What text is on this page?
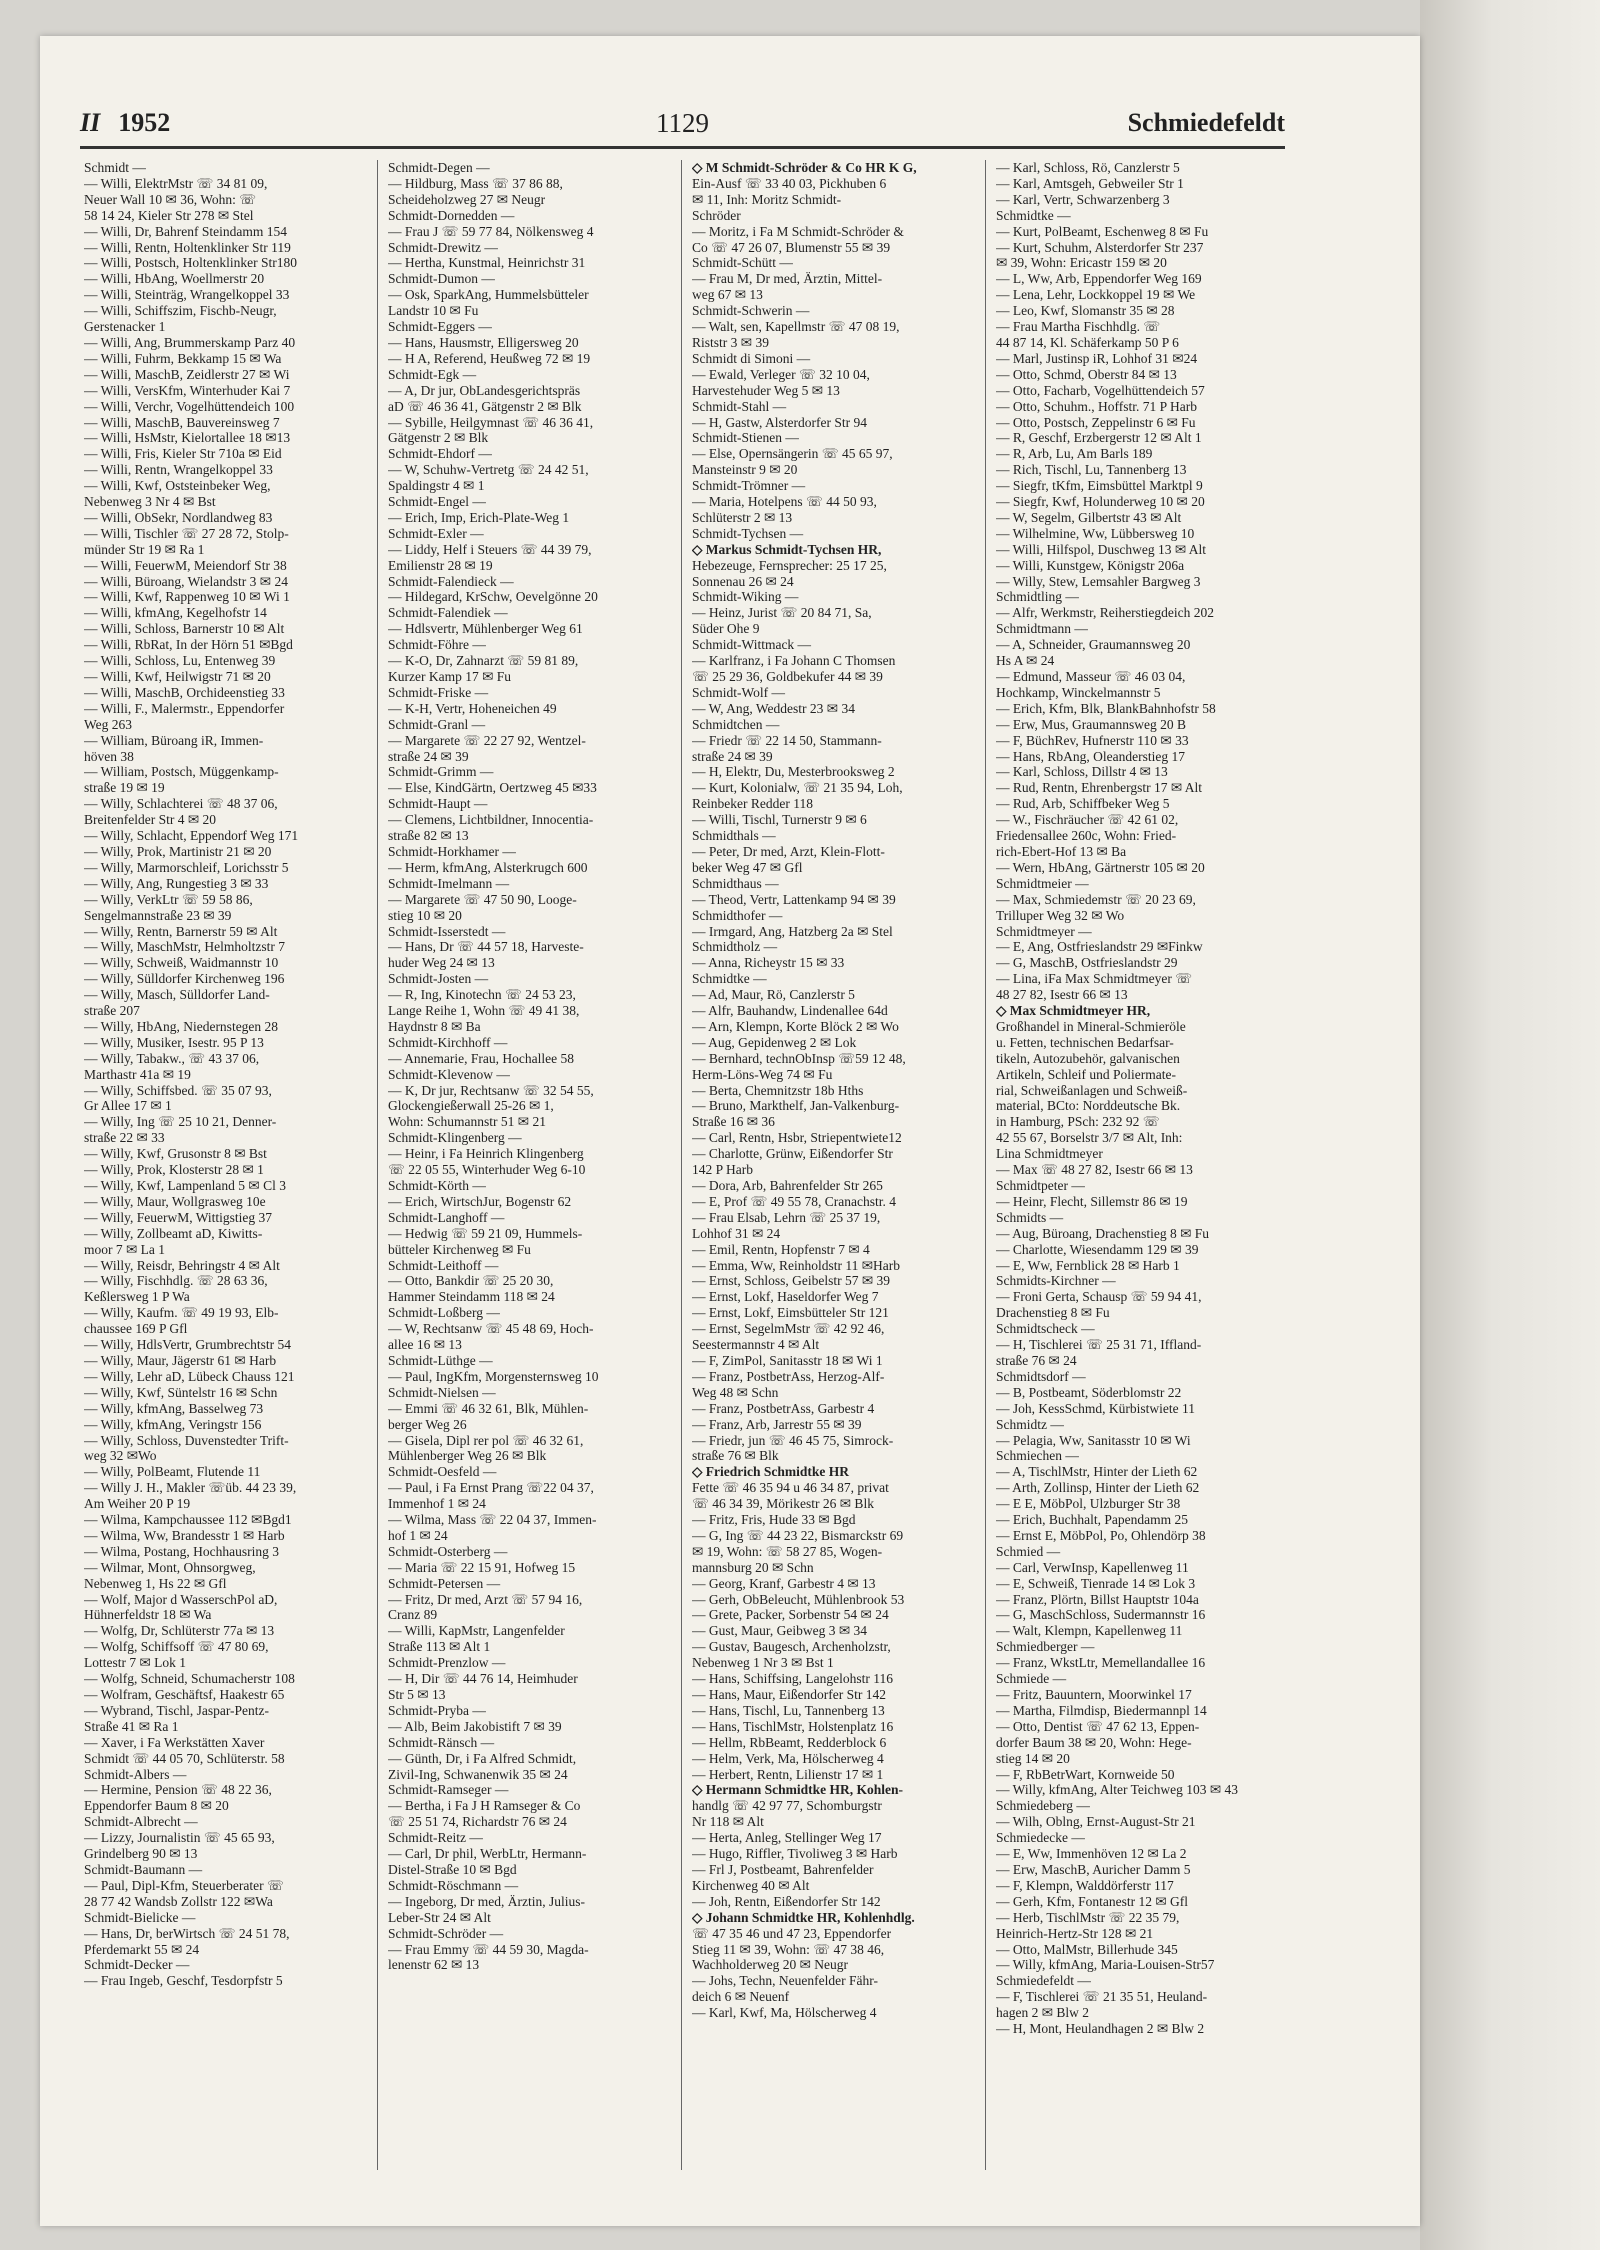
II 1952	1129	Schmiedefeldt
Schmidt —
— Willi, ElektrMstr ☏ 34 81 09,
Neuer Wall 10 ✉ 36, Wohn: ☏
58 14 24, Kieler Str 278 ✉ Stel
— Willi, Dr, Bahrenf Steindamm 154
— Willi, Rentn, Holtenklinker Str 119
— Willi, Postsch, Holtenklinker Str180
— Willi, HbAng, Woellmerstr 20
— Willi, Steinträg, Wrangelkoppel 33
— Willi, Schiffszim, Fischb-Neugr,
Gerstenacker 1
— Willi, Ang, Brummerskamp Parz 40
— Willi, Fuhrm, Bekkamp 15 ✉ Wa
— Willi, MaschB, Zeidlerstr 27 ✉ Wi
— Willi, VersKfm, Winterhuder Kai 7
— Willi, Verchr, Vogelhüttendeich 100
— Willi, MaschB, Bauvereinsweg 7
— Willi, HsMstr, Kielortallee 18 ✉13
— Willi, Fris, Kieler Str 710a ✉ Eid
— Willi, Rentn, Wrangelkoppel 33
— Willi, Kwf, Oststeinbeker Weg,
Nebenweg 3 Nr 4 ✉ Bst
— Willi, ObSekr, Nordlandweg 83
— Willi, Tischler ☏ 27 28 72, Stolp-
münder Str 19 ✉ Ra 1
— Willi, FeuerwM, Meiendorf Str 38
— Willi, Büroang, Wielandstr 3 ✉ 24
— Willi, Kwf, Rappenweg 10 ✉ Wi 1
— Willi, kfmAng, Kegelhofstr 14
— Willi, Schloss, Barnerstr 10 ✉ Alt
— Willi, RbRat, In der Hörn 51 ✉Bgd
— Willi, Schloss, Lu, Entenweg 39
— Willi, Kwf, Heilwigstr 71 ✉ 20
— Willi, MaschB, Orchideenstieg 33
— Willi, F., Malermstr., Eppendorfer
Weg 263
— William, Büroang iR, Immen-
höven 38
— William, Postsch, Müggenkamp-
straße 19 ✉ 19
— Willy, Schlachterei ☏ 48 37 06,
Breitenfelder Str 4 ✉ 20
— Willy, Schlacht, Eppendorf Weg 171
— Willy, Prok, Martinistr 21 ✉ 20
— Willy, Marmorschleif, Lorichsstr 5
— Willy, Ang, Rungestieg 3 ✉ 33
— Willy, VerkLtr ☏ 59 58 86,
Sengelmannstraße 23 ✉ 39
— Willy, Rentn, Barnerstr 59 ✉ Alt
— Willy, MaschMstr, Helmholtzstr 7
— Willy, Schweiß, Waidmannstr 10
— Willy, Sülldorfer Kirchenweg 196
— Willy, Masch, Sülldorfer Land-
straße 207
— Willy, HbAng, Niedernstegen 28
— Willy, Musiker, Isestr. 95 P 13
— Willy, Tabakw., ☏ 43 37 06,
Marthastr 41a ✉ 19
— Willy, Schiffsbed. ☏ 35 07 93,
Gr Allee 17 ✉ 1
— Willy, Ing ☏ 25 10 21, Denner-
straße 22 ✉ 33
— Willy, Kwf, Grusonstr 8 ✉ Bst
— Willy, Prok, Klosterstr 28 ✉ 1
— Willy, Kwf, Lampenland 5 ✉ Cl 3
— Willy, Maur, Wollgrasweg 10e
— Willy, FeuerwM, Wittigstieg 37
— Willy, Zollbeamt aD, Kiwitts-
moor 7 ✉ La 1
— Willy, Reisdr, Behringstr 4 ✉ Alt
— Willy, Fischhdlg. ☏ 28 63 36,
Keßlersweg 1 P Wa
— Willy, Kaufm. ☏ 49 19 93, Elb-
chaussee 169 P Gfl
— Willy, HdlsVertr, Grumbrechtstr 54
— Willy, Maur, Jägerstr 61 ✉ Harb
— Willy, Lehr aD, Lübeck Chauss 121
— Willy, Kwf, Süntelstr 16 ✉ Schn
— Willy, kfmAng, Basselweg 73
— Willy, kfmAng, Veringstr 156
— Willy, Schloss, Duvenstedter Trift-
weg 32 ✉Wo
— Willy, PolBeamt, Flutende 11
— Willy J. H., Makler ☏üb. 44 23 39,
Am Weiher 20 P 19
— Wilma, Kampchaussee 112 ✉Bgd1
— Wilma, Ww, Brandesstr 1 ✉ Harb
— Wilma, Postang, Hochhausring 3
— Wilmar, Mont, Ohnsorgweg,
Nebenweg 1, Hs 22 ✉ Gfl
— Wolf, Major d WasserschPol aD,
Hühnerfeldstr 18 ✉ Wa
— Wolfg, Dr, Schlüterstr 77a ✉ 13
— Wolfg, Schiffsoff ☏ 47 80 69,
Lottestr 7 ✉ Lok 1
— Wolfg, Schneid, Schumacherstr 108
— Wolfram, Geschäftsf, Haakestr 65
— Wybrand, Tischl, Jaspar-Pentz-
Straße 41 ✉ Ra 1
— Xaver, i Fa Werkstätten Xaver
Schmidt ☏ 44 05 70, Schlüterstr. 58
Schmidt-Albers —
— Hermine, Pension ☏ 48 22 36,
Eppendorfer Baum 8 ✉ 20
Schmidt-Albrecht —
— Lizzy, Journalistin ☏ 45 65 93,
Grindelberg 90 ✉ 13
Schmidt-Baumann —
— Paul, Dipl-Kfm, Steuerberater ☏
28 77 42 Wandsb Zollstr 122 ✉Wa
Schmidt-Bielicke —
— Hans, Dr, berWirtsch ☏ 24 51 78,
Pferdemarkt 55 ✉ 24
Schmidt-Decker —
— Frau Ingeb, Geschf, Tesdorpfstr 5
Schmidt-Degen —
— Hildburg, Mass ☏ 37 86 88,
Scheideholzweg 27 ✉ Neugr
Schmidt-Dornedden —
— Frau J ☏ 59 77 84, Nölkensweg 4
Schmidt-Drewitz —
— Hertha, Kunstmal, Heinrichstr 31
Schmidt-Dumon —
— Osk, SparkAng, Hummelsbütteler
Landstr 10 ✉ Fu
Schmidt-Eggers —
— Hans, Hausmstr, Elligersweg 20
— H A, Referend, Heußweg 72 ✉ 19
Schmidt-Egk —
— A, Dr jur, ObLandesgerichtspräs
aD ☏ 46 36 41, Gätgenstr 2 ✉ Blk
— Sybille, Heilgymnast ☏ 46 36 41,
Gätgenstr 2 ✉ Blk
Schmidt-Ehdorf —
— W, Schuhw-Vertretg ☏ 24 42 51,
Spaldingstr 4 ✉ 1
Schmidt-Engel —
— Erich, Imp, Erich-Plate-Weg 1
Schmidt-Exler —
— Liddy, Helf i Steuers ☏ 44 39 79,
Emilienstr 28 ✉ 19
Schmidt-Falendieck —
— Hildegard, KrSchw, Oevelgönne 20
Schmidt-Falendiek —
— Hdlsvertr, Mühlenberger Weg 61
Schmidt-Föhre —
— K-O, Dr, Zahnarzt ☏ 59 81 89,
Kurzer Kamp 17 ✉ Fu
Schmidt-Friske —
— K-H, Vertr, Hoheneichen 49
Schmidt-Granl —
— Margarete ☏ 22 27 92, Wentzel-
straße 24 ✉ 39
Schmidt-Grimm —
— Else, KindGärtn, Oertzweg 45 ✉33
Schmidt-Haupt —
— Clemens, Lichtbildner, Innocentia-
straße 82 ✉ 13
Schmidt-Horkhamer —
— Herm, kfmAng, Alsterkrugch 600
Schmidt-Imelmann —
— Margarete ☏ 47 50 90, Looge-
stieg 10 ✉ 20
Schmidt-Isserstedt —
— Hans, Dr ☏ 44 57 18, Harveste-
huder Weg 24 ✉ 13
Schmidt-Josten —
— R, Ing, Kinotechn ☏ 24 53 23,
Lange Reihe 1, Wohn ☏ 49 41 38,
Haydnstr 8 ✉ Ba
Schmidt-Kirchhoff —
— Annemarie, Frau, Hochallee 58
Schmidt-Klevenow —
— K, Dr jur, Rechtsanw ☏ 32 54 55,
Glockengießerwall 25-26 ✉ 1,
Wohn: Schumannstr 51 ✉ 21
Schmidt-Klingenberg —
— Heinr, i Fa Heinrich Klingenberg
☏ 22 05 55, Winterhuder Weg 6-10
Schmidt-Körth —
— Erich, WirtschJur, Bogenstr 62
Schmidt-Langhoff —
— Hedwig ☏ 59 21 09, Hummels-
bütteler Kirchenweg ✉ Fu
Schmidt-Leithoff —
— Otto, Bankdir ☏ 25 20 30,
Hammer Steindamm 118 ✉ 24
Schmidt-Loßberg —
— W, Rechtsanw ☏ 45 48 69, Hoch-
allee 16 ✉ 13
Schmidt-Lüthge —
— Paul, IngKfm, Morgensternsweg 10
Schmidt-Nielsen —
— Emmi ☏ 46 32 61, Blk, Mühlen-
berger Weg 26
— Gisela, Dipl rer pol ☏ 46 32 61,
Mühlenberger Weg 26 ✉ Blk
Schmidt-Oesfeld —
— Paul, i Fa Ernst Prang ☏22 04 37,
Immenhof 1 ✉ 24
— Wilma, Mass ☏ 22 04 37, Immen-
hof 1 ✉ 24
Schmidt-Osterberg —
— Maria ☏ 22 15 91, Hofweg 15
Schmidt-Petersen —
— Fritz, Dr med, Arzt ☏ 57 94 16,
Cranz 89
— Willi, KapMstr, Langenfelder
Straße 113 ✉ Alt 1
Schmidt-Prenzlow —
— H, Dir ☏ 44 76 14, Heimhuder
Str 5 ✉ 13
Schmidt-Pryba —
— Alb, Beim Jakobistift 7 ✉ 39
Schmidt-Ränsch —
— Günth, Dr, i Fa Alfred Schmidt,
Zivil-Ing, Schwanenwik 35 ✉ 24
Schmidt-Ramseger —
— Bertha, i Fa J H Ramseger & Co
☏ 25 51 74, Richardstr 76 ✉ 24
Schmidt-Reitz —
— Carl, Dr phil, WerbLtr, Hermann-
Distel-Straße 10 ✉ Bgd
Schmidt-Röschmann —
— Ingeborg, Dr med, Ärztin, Julius-
Leber-Str 24 ✉ Alt
Schmidt-Schröder —
— Frau Emmy ☏ 44 59 30, Magda-
lenenstr 62 ✉ 13
◇ M Schmidt-Schröder & Co HR K G,
Ein-Ausf ☏ 33 40 03, Pickhuben 6
✉ 11, Inh: Moritz Schmidt-
Schröder
— Moritz, i Fa M Schmidt-Schröder &
Co ☏ 47 26 07, Blumenstr 55 ✉ 39
Schmidt-Schütt —
— Frau M, Dr med, Ärztin, Mittel-
weg 67 ✉ 13
Schmidt-Schwerin —
— Walt, sen, Kapellmstr ☏ 47 08 19,
Riststr 3 ✉ 39
Schmidt di Simoni —
— Ewald, Verleger ☏ 32 10 04,
Harvestehuder Weg 5 ✉ 13
Schmidt-Stahl —
— H, Gastw, Alsterdorfer Str 94
Schmidt-Stienen —
— Else, Opernsängerin ☏ 45 65 97,
Mansteinstr 9 ✉ 20
Schmidt-Trömner —
— Maria, Hotelpens ☏ 44 50 93,
Schlüterstr 2 ✉ 13
Schmidt-Tychsen —
◇ Markus Schmidt-Tychsen HR,
Hebezeuge, Fernsprecher: 25 17 25,
Sonnenau 26 ✉ 24
Schmidt-Wiking —
— Heinz, Jurist ☏ 20 84 71, Sa,
Süder Ohe 9
Schmidt-Wittmack —
— Karlfranz, i Fa Johann C Thomsen
☏ 25 29 36, Goldbekufer 44 ✉ 39
Schmidt-Wolf —
— W, Ang, Weddestr 23 ✉ 34
Schmidtchen —
— Friedr ☏ 22 14 50, Stammann-
straße 24 ✉ 39
— H, Elektr, Du, Mesterbrooksweg 2
— Kurt, Kolonialw, ☏ 21 35 94, Loh,
Reinbeker Redder 118
— Willi, Tischl, Turnerstr 9 ✉ 6
Schmidthals —
— Peter, Dr med, Arzt, Klein-Flott-
beker Weg 47 ✉ Gfl
Schmidthaus —
— Theod, Vertr, Lattenkamp 94 ✉ 39
Schmidthofer —
— Irmgard, Ang, Hatzberg 2a ✉ Stel
Schmidtholz —
— Anna, Richeystr 15 ✉ 33
Schmidtke —
— Ad, Maur, Rö, Canzlerstr 5
— Alfr, Bauhandw, Lindenallee 64d
— Arn, Klempn, Korte Blöck 2 ✉ Wo
— Aug, Gepidenweg 2 ✉ Lok
— Bernhard, technObInsp ☏59 12 48,
Herm-Löns-Weg 74 ✉ Fu
— Berta, Chemnitzstr 18b Hths
— Bruno, Markthelf, Jan-Valkenburg-
Straße 16 ✉ 36
— Carl, Rentn, Hsbr, Striepentwiete12
— Charlotte, Grünw, Eißendorfer Str
142 P Harb
— Dora, Arb, Bahrenfelder Str 265
— E, Prof ☏ 49 55 78, Cranachstr. 4
— Frau Elsab, Lehrn ☏ 25 37 19,
Lohhof 31 ✉ 24
— Emil, Rentn, Hopfenstr 7 ✉ 4
— Emma, Ww, Reinholdstr 11 ✉Harb
— Ernst, Schloss, Geibelstr 57 ✉ 39
— Ernst, Lokf, Haseldorfer Weg 7
— Ernst, Lokf, Eimsbütteler Str 121
— Ernst, SegelmMstr ☏ 42 92 46,
Seestermannstr 4 ✉ Alt
— F, ZimPol, Sanitasstr 18 ✉ Wi 1
— Franz, PostbetrAss, Herzog-Alf-
Weg 48 ✉ Schn
— Franz, PostbetrAss, Garbestr 4
— Franz, Arb, Jarrestr 55 ✉ 39
— Friedr, jun ☏ 46 45 75, Simrock-
straße 76 ✉ Blk
◇ Friedrich Schmidtke HR
Fette ☏ 46 35 94 u 46 34 87, privat
☏ 46 34 39, Mörikestr 26 ✉ Blk
— Fritz, Fris, Hude 33 ✉ Bgd
— G, Ing ☏ 44 23 22, Bismarckstr 69
✉ 19, Wohn: ☏ 58 27 85, Wogen-
mannsburg 20 ✉ Schn
— Georg, Kranf, Garbestr 4 ✉ 13
— Gerh, ObBeleucht, Mühlenbrook 53
— Grete, Packer, Sorbenstr 54 ✉ 24
— Gust, Maur, Geibweg 3 ✉ 34
— Gustav, Baugesch, Archenholzstr,
Nebenweg 1 Nr 3 ✉ Bst 1
— Hans, Schiffsing, Langelohstr 116
— Hans, Maur, Eißendorfer Str 142
— Hans, Tischl, Lu, Tannenberg 13
— Hans, TischlMstr, Holstenplatz 16
— Hellm, RbBeamt, Redderblock 6
— Helm, Verk, Ma, Hölscherweg 4
— Herbert, Rentn, Lilienstr 17 ✉ 1
◇ Hermann Schmidtke HR, Kohlen-
handlg ☏ 42 97 77, Schomburgstr
Nr 118 ✉ Alt
— Herta, Anleg, Stellinger Weg 17
— Hugo, Riffler, Tivoliweg 3 ✉ Harb
— Frl J, Postbeamt, Bahrenfelder
Kirchenweg 40 ✉ Alt
— Joh, Rentn, Eißendorfer Str 142
◇ Johann Schmidtke HR, Kohlenhdlg.
☏ 47 35 46 und 47 23, Eppendorfer
Stieg 11 ✉ 39, Wohn: ☏ 47 38 46,
Wachholderweg 20 ✉ Neugr
— Johs, Techn, Neuenfelder Fähr-
deich 6 ✉ Neuenf
— Karl, Kwf, Ma, Hölscherweg 4
— Karl, Schloss, Rö, Canzlerstr 5
— Karl, Amtsgeh, Gebweiler Str 1
— Karl, Vertr, Schwarzenberg 3
Schmidtke —
— Kurt, PolBeamt, Eschenweg 8 ✉ Fu
— Kurt, Schuhm, Alsterdorfer Str 237
✉ 39, Wohn: Ericastr 159 ✉ 20
— L, Ww, Arb, Eppendorfer Weg 169
— Lena, Lehr, Lockkoppel 19 ✉ We
— Leo, Kwf, Slomanstr 35 ✉ 28
— Frau Martha Fischhdlg. ☏
44 87 14, Kl. Schäferkamp 50 P 6
— Marl, Justinsp iR, Lohhof 31 ✉24
— Otto, Schmd, Oberstr 84 ✉ 13
— Otto, Facharb, Vogelhüttendeich 57
— Otto, Schuhm., Hoffstr. 71 P Harb
— Otto, Postsch, Zeppelinstr 6 ✉ Fu
— R, Geschf, Erzbergerstr 12 ✉ Alt 1
— R, Arb, Lu, Am Barls 189
— Rich, Tischl, Lu, Tannenberg 13
— Siegfr, tKfm, Eimsbüttel Marktpl 9
— Siegfr, Kwf, Holunderweg 10 ✉ 20
— W, Segelm, Gilbertstr 43 ✉ Alt
— Wilhelmine, Ww, Lübbersweg 10
— Willi, Hilfspol, Duschweg 13 ✉ Alt
— Willi, Kunstgew, Königstr 206a
— Willy, Stew, Lemsahler Bargweg 3
Schmidtling —
— Alfr, Werkmstr, Reiherstiegdeich 202
Schmidtmann —
— A, Schneider, Graumannsweg 20
Hs A ✉ 24
— Edmund, Masseur ☏ 46 03 04,
Hochkamp, Winckelmannstr 5
— Erich, Kfm, Blk, BlankBahnhofstr 58
— Erw, Mus, Graumannsweg 20 B
— F, BüchRev, Hufnerstr 110 ✉ 33
— Hans, RbAng, Oleanderstieg 17
— Karl, Schloss, Dillstr 4 ✉ 13
— Rud, Rentn, Ehrenbergstr 17 ✉ Alt
— Rud, Arb, Schiffbeker Weg 5
— W., Fischräucher ☏ 42 61 02,
Friedensallee 260c, Wohn: Fried-
rich-Ebert-Hof 13 ✉ Ba
— Wern, HbAng, Gärtnerstr 105 ✉ 20
Schmidtmeier —
— Max, Schmiedemstr ☏ 20 23 69,
Trilluper Weg 32 ✉ Wo
Schmidtmeyer —
— E, Ang, Ostfrieslandstr 29 ✉Finkw
— G, MaschB, Ostfrieslandstr 29
— Lina, iFa Max Schmidtmeyer ☏
48 27 82, Isestr 66 ✉ 13
◇ Max Schmidtmeyer HR,
Großhandel in Mineral-Schmieröle
u. Fetten, technischen Bedarfsar-
tikeln, Autozubehör, galvanischen
Artikeln, Schleif und Poliermate-
rial, Schweißanlagen und Schweiß-
material, BCto: Norddeutsche Bk.
in Hamburg, PSch: 232 92 ☏
42 55 67, Borselstr 3/7 ✉ Alt, Inh:
Lina Schmidtmeyer
— Max ☏ 48 27 82, Isestr 66 ✉ 13
Schmidtpeter —
— Heinr, Flecht, Sillemstr 86 ✉ 19
Schmidts —
— Aug, Büroang, Drachenstieg 8 ✉ Fu
— Charlotte, Wiesendamm 129 ✉ 39
— E, Ww, Fernblick 28 ✉ Harb 1
Schmidts-Kirchner —
— Froni Gerta, Schausp ☏ 59 94 41,
Drachenstieg 8 ✉ Fu
Schmidtscheck —
— H, Tischlerei ☏ 25 31 71, Iffland-
straße 76 ✉ 24
Schmidtsdorf —
— B, Postbeamt, Söderblomstr 22
— Joh, KessSchmd, Kürbistwiete 11
Schmidtz —
— Pelagia, Ww, Sanitasstr 10 ✉ Wi
Schmiechen —
— A, TischlMstr, Hinter der Lieth 62
— Arth, Zollinsp, Hinter der Lieth 62
— E E, MöbPol, Ulzburger Str 38
— Erich, Buchhalt, Papendamm 25
— Ernst E, MöbPol, Po, Ohlendörp 38
Schmied —
— Carl, VerwInsp, Kapellenweg 11
— E, Schweiß, Tienrade 14 ✉ Lok 3
— Franz, Plörtn, Billst Hauptstr 104a
— G, MaschSchloss, Sudermannstr 16
— Walt, Klempn, Kapellenweg 11
Schmiedberger —
— Franz, WkstLtr, Memellandallee 16
Schmiede —
— Fritz, Bauuntern, Moorwinkel 17
— Martha, Filmdisp, Biedermannpl 14
— Otto, Dentist ☏ 47 62 13, Eppen-
dorfer Baum 38 ✉ 20, Wohn: Hege-
stieg 14 ✉ 20
— F, RbBetrWart, Kornweide 50
— Willy, kfmAng, Alter Teichweg 103 ✉ 43
Schmiedeberg —
— Wilh, Oblng, Ernst-August-Str 21
Schmiedecke —
— E, Ww, Immenhöven 12 ✉ La 2
— Erw, MaschB, Auricher Damm 5
— F, Klempn, Walddörferstr 117
— Gerh, Kfm, Fontanestr 12 ✉ Gfl
— Herb, TischlMstr ☏ 22 35 79,
Heinrich-Hertz-Str 128 ✉ 21
— Otto, MalMstr, Billerhude 345
— Willy, kfmAng, Maria-Louisen-Str57
Schmiedefeldt —
— F, Tischlerei ☏ 21 35 51, Heuland-
hagen 2 ✉ Blw 2
— H, Mont, Heulandhagen 2 ✉ Blw 2
